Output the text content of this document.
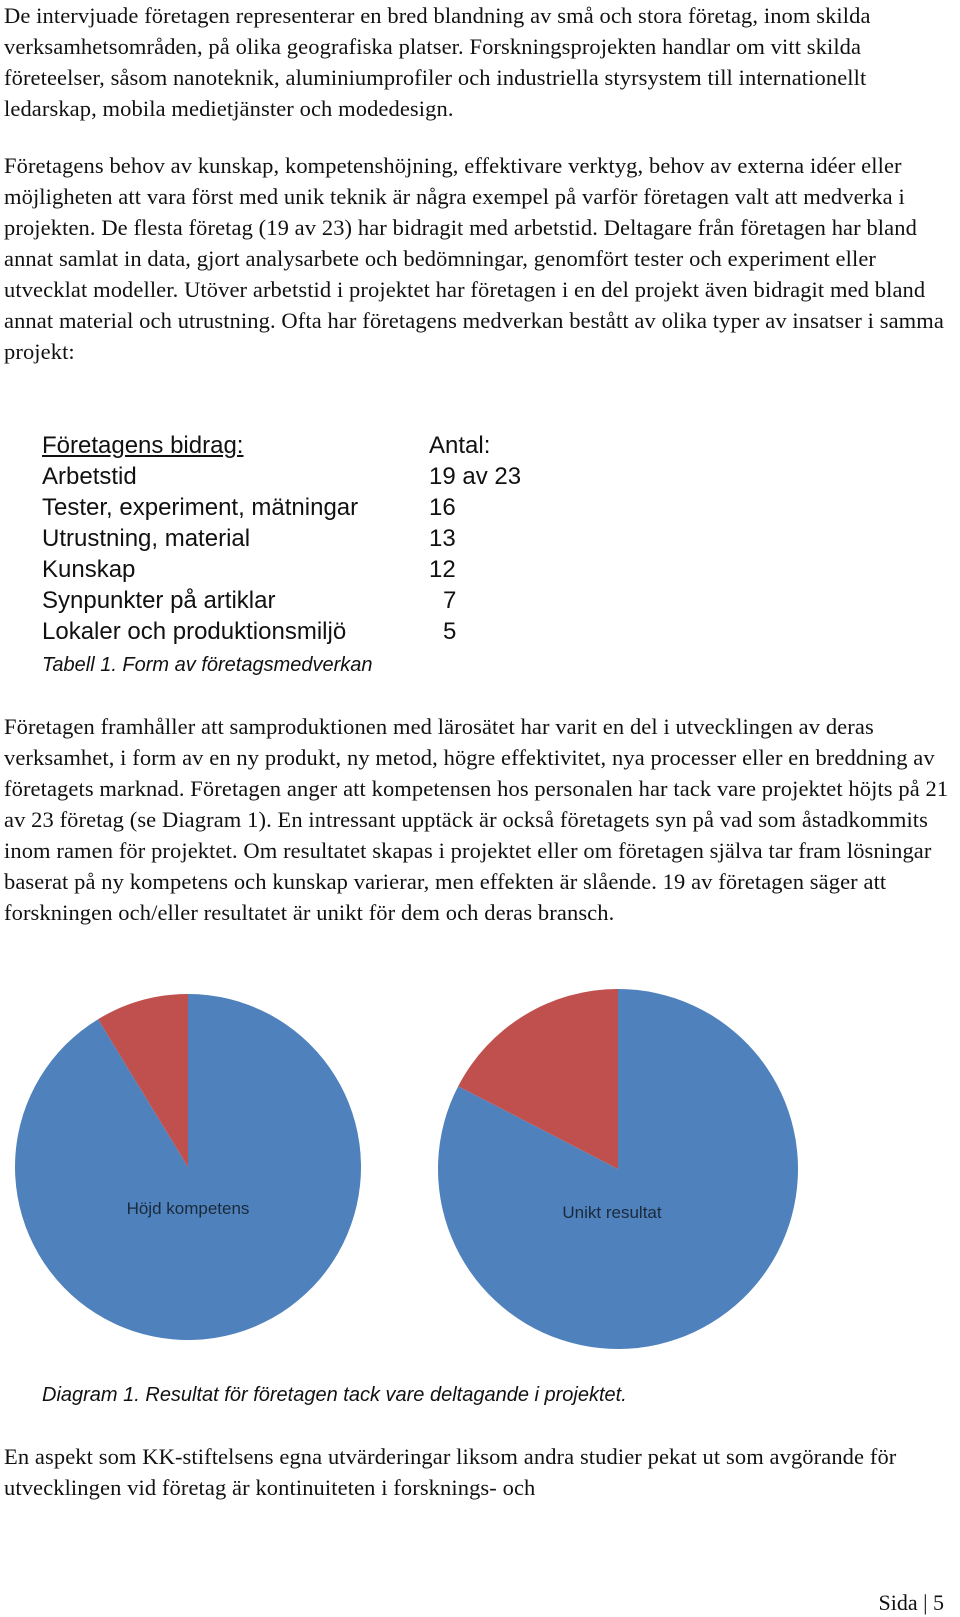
De intervjuade företagen representerar en bred blandning av små och stora företag, inom skilda verksamhetsområden, på olika geografiska platser. Forskningsprojekten handlar om vitt skilda företeelser, såsom nanoteknik, aluminiumprofiler och industriella styrsystem till internationellt ledarskap, mobila medietjänster och modedesign.

Företagens behov av kunskap, kompetenshöjning, effektivare verktyg, behov av externa idéer eller möjligheten att vara först med unik teknik är några exempel på varför företagen valt att medverka i projekten. De flesta företag (19 av 23) har bidragit med arbetstid. Deltagare från företagen har bland annat samlat in data, gjort analysarbete och bedömningar, genomfört tester och experiment eller utvecklat modeller. Utöver arbetstid i projektet har företagen i en del projekt även bidragit med bland annat material och utrustning. Ofta har företagens medverkan bestått av olika typer av insatser i samma projekt:

Företagens bidrag:	Antal:
Arbetstid	19 av 23
Tester, experiment, mätningar	16
Utrustning, material	13
Kunskap	12
Synpunkter på artiklar	7
Lokaler och produktionsmiljö	5

Tabell 1. Form av företagsmedverkan

Företagen framhåller att samproduktionen med lärosätet har varit en del i utvecklingen av deras verksamhet, i form av en ny produkt, ny metod, högre effektivitet, nya processer eller en breddning av företagets marknad. Företagen anger att kompetensen hos personalen har tack vare projektet höjts på 21 av 23 företag (se Diagram 1). En intressant upptäck är också företagets syn på vad som åstadkommits inom ramen för projektet. Om resultatet skapas i projektet eller om företagen själva tar fram lösningar baserat på ny kompetens och kunskap varierar, men effekten är slående. 19 av företagen säger att forskningen och/eller resultatet är unikt för dem och deras bransch.

Höjd kompetens	Unikt resultat

Diagram 1. Resultat för företagen tack vare deltagande i projektet.

En aspekt som KK-stiftelsens egna utvärderingar liksom andra studier pekat ut som avgörande för utvecklingen vid företag är kontinuiteten i forsknings- och

Sida | 5
